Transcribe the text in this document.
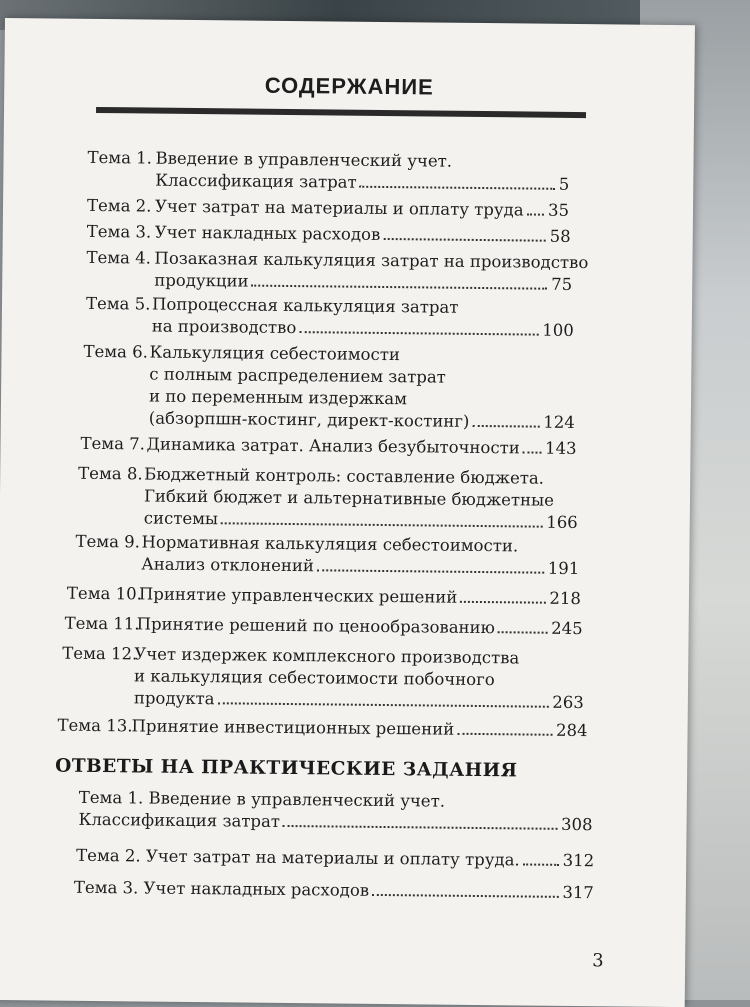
СОДЕРЖАНИЕ
Тема 1. Введение в управленческий учет.
Классификация затрат	5
Тема 2. Учет затрат на материалы и оплату труда 35
Тема 3. Учет накладных расходов	58
Тема 4. Позаказная калькуляция затрат на производство
продукции	75
Тема 5. Попроцессная калькуляция затрат
на производство	100
Тема 6. Калькуляция себестоимости
с полным распределением затрат
и по переменным издержкам
(абзорпшн-костинг, директ-костинг)	124
Тема 7. Динамика затрат. Анализ безубыточности 143
Тема 8. Бюджетный контроль: составление бюджета.
Гибкий бюджет и альтернативные бюджетные
системы	166
Тема 9. Нормативная калькуляция себестоимости.
Анализ отклонений	191
Тема 10.
Принятие управленческих решений	218
Тема 11.
Принятие решений по ценообразованию	245
Тема 12.
Учет издержек комплексного производства
и калькуляция себестоимости побочного
продукта	263
Тема 13.
Принятие инвестиционных решений	284
Тема 1. Введение в управленческий учет.
Классификация затрат	308
Тема 2. Учет затрат на материалы и оплату труда.	312
Тема 3. Учет накладных расходов	317
ОТВЕТЫ НА ПРАКТИЧЕСКИЕ ЗАДАНИЯ
3
